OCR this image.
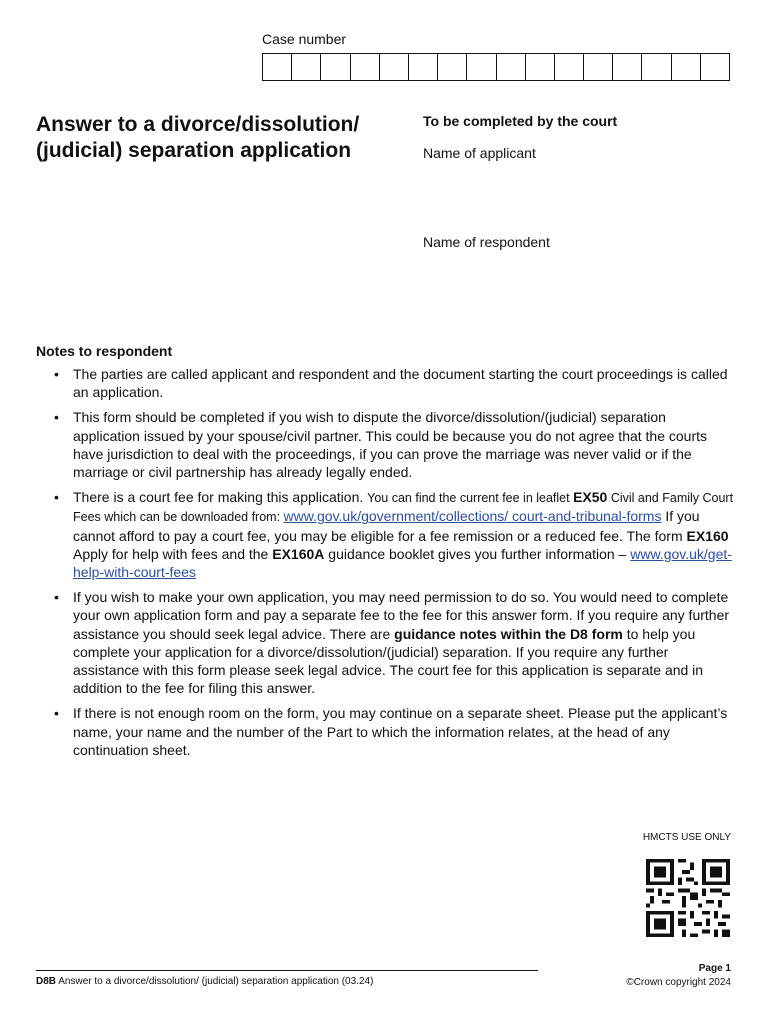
Case number
Answer to a divorce/dissolution/ (judicial) separation application
To be completed by the court
Name of applicant
Name of respondent
Notes to respondent
• The parties are called applicant and respondent and the document starting the court proceedings is called an application.
• This form should be completed if you wish to dispute the divorce/dissolution/(judicial) separation application issued by your spouse/civil partner. This could be because you do not agree that the courts have jurisdiction to deal with the proceedings, if you can prove the marriage was never valid or if the marriage or civil partnership has already legally ended.
• There is a court fee for making this application. You can find the current fee in leaflet EX50 Civil and Family Court Fees which can be downloaded from: www.gov.uk/government/collections/ court-and-tribunal-forms If you cannot afford to pay a court fee, you may be eligible for a fee remission or a reduced fee. The form EX160 Apply for help with fees and the EX160A guidance booklet gives you further information – www.gov.uk/get-help-with-court-fees
• If you wish to make your own application, you may need permission to do so. You would need to complete your own application form and pay a separate fee to the fee for this answer form. If you require any further assistance you should seek legal advice. There are guidance notes within the D8 form to help you complete your application for a divorce/dissolution/(judicial) separation. If you require any further assistance with this form please seek legal advice. The court fee for this application is separate and in addition to the fee for filing this answer.
• If there is not enough room on the form, you may continue on a separate sheet. Please put the applicant’s name, your name and the number of the Part to which the information relates, at the head of any continuation sheet.
HMCTS USE ONLY
D8B Answer to a divorce/dissolution/ (judicial) separation application (03.24)
Page 1
©Crown copyright 2024
